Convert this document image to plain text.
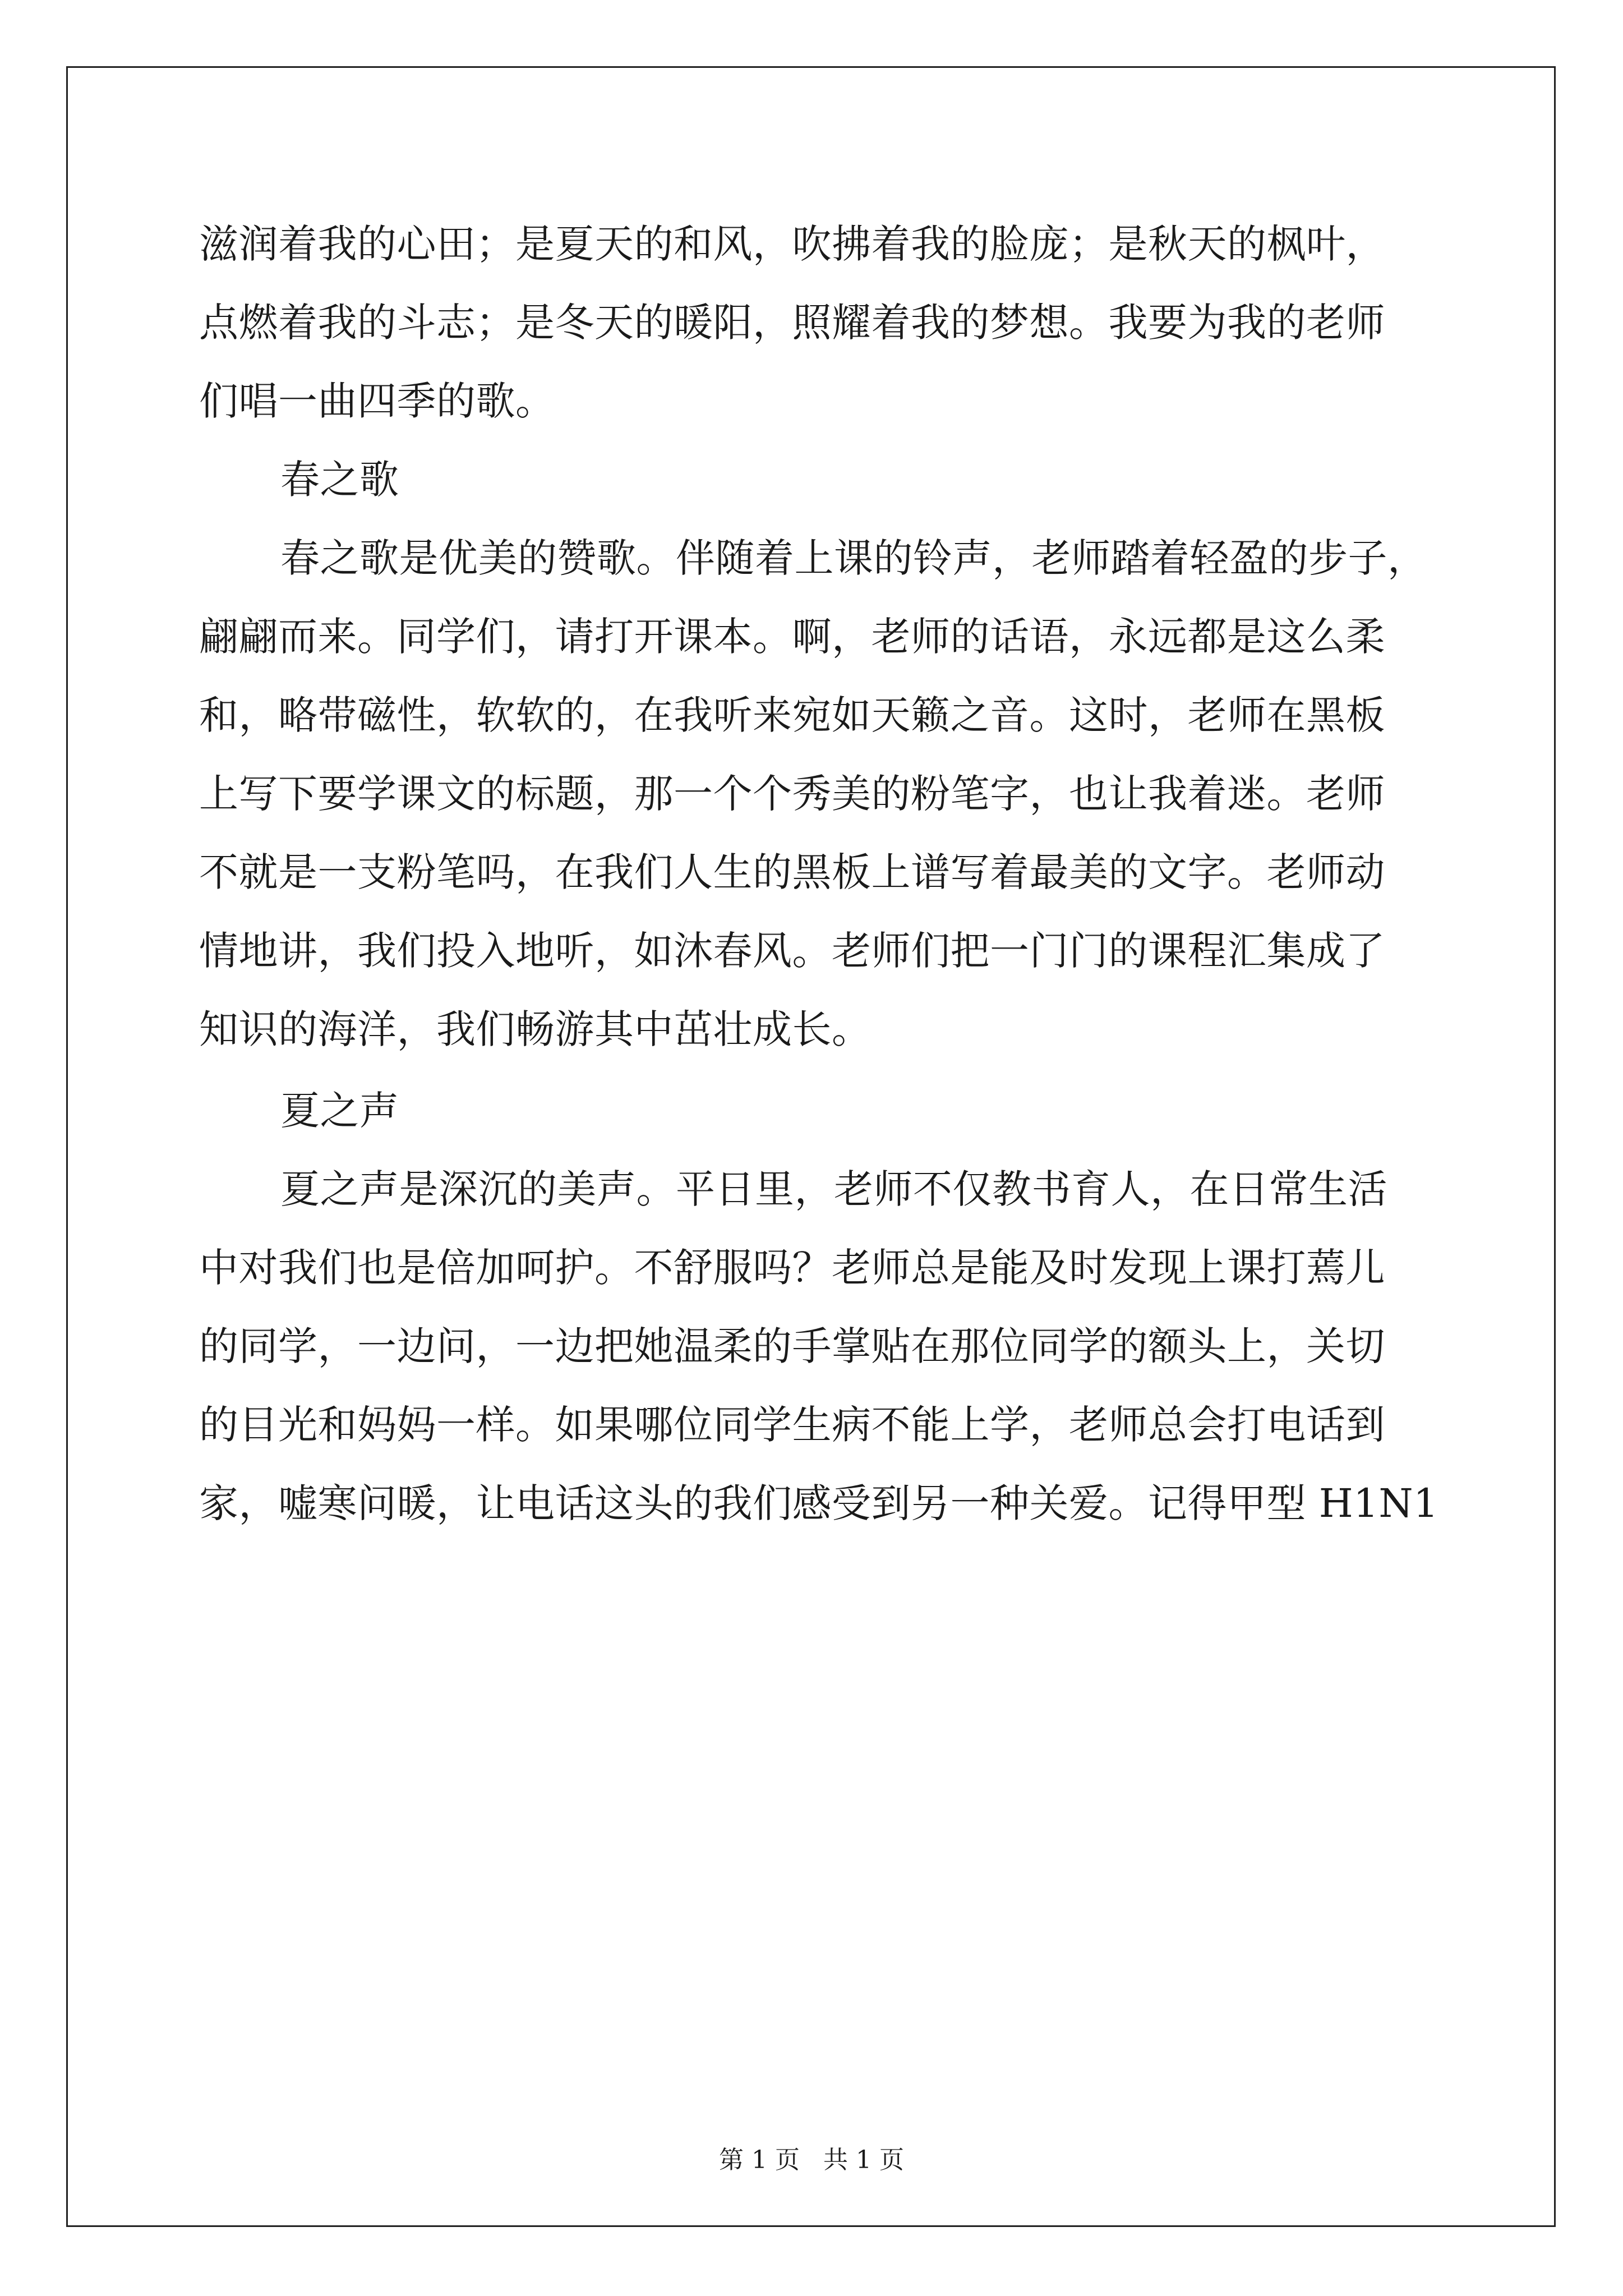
滋润着我的心田；是夏天的和风，吹拂着我的脸庞；是秋天的枫叶，
点燃着我的斗志；是冬天的暖阳，照耀着我的梦想。我要为我的老师
们唱一曲四季的歌。
春之歌
春之歌是优美的赞歌。伴随着上课的铃声，老师踏着轻盈的步子，
翩翩而来。同学们，请打开课本。啊，老师的话语，永远都是这么柔
和，略带磁性，软软的，在我听来宛如天籁之音。这时，老师在黑板
上写下要学课文的标题，那一个个秀美的粉笔字，也让我着迷。老师
不就是一支粉笔吗，在我们人生的黑板上谱写着最美的文字。老师动
情地讲，我们投入地听，如沐春风。老师们把一门门的课程汇集成了
知识的海洋，我们畅游其中茁壮成长。
夏之声
夏之声是深沉的美声。平日里，老师不仅教书育人，在日常生活
中对我们也是倍加呵护。不舒服吗？老师总是能及时发现上课打蔫儿
的同学，一边问，一边把她温柔的手掌贴在那位同学的额头上，关切
的目光和妈妈一样。如果哪位同学生病不能上学，老师总会打电话到
家，嘘寒问暖，让电话这头的我们感受到另一种关爱。记得甲型 H1N1
第 1 页   共 1 页
